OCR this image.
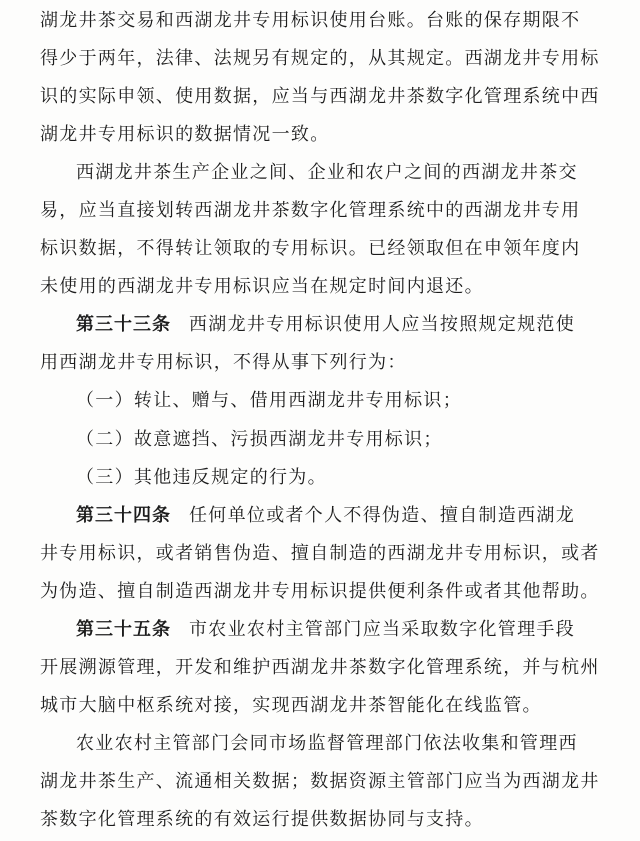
湖龙井茶交易和西湖龙井专用标识使用台账。台账的保存期限不
得少于两年，法律、法规另有规定的，从其规定。西湖龙井专用标
识的实际申领、使用数据，应当与西湖龙井茶数字化管理系统中西
湖龙井专用标识的数据情况一致。
西湖龙井茶生产企业之间、企业和农户之间的西湖龙井茶交
易，应当直接划转西湖龙井茶数字化管理系统中的西湖龙井专用
标识数据，不得转让领取的专用标识。已经领取但在申领年度内
未使用的西湖龙井专用标识应当在规定时间内退还。
第三十三条 西湖龙井专用标识使用人应当按照规定规范使
用西湖龙井专用标识，不得从事下列行为：
（一）转让、赠与、借用西湖龙井专用标识；
（二）故意遮挡、污损西湖龙井专用标识；
（三）其他违反规定的行为。
第三十四条 任何单位或者个人不得伪造、擅自制造西湖龙
井专用标识，或者销售伪造、擅自制造的西湖龙井专用标识，或者
为伪造、擅自制造西湖龙井专用标识提供便利条件或者其他帮助。
第三十五条 市农业农村主管部门应当采取数字化管理手段
开展溯源管理，开发和维护西湖龙井茶数字化管理系统，并与杭州
城市大脑中枢系统对接，实现西湖龙井茶智能化在线监管。
农业农村主管部门会同市场监督管理部门依法收集和管理西
湖龙井茶生产、流通相关数据；数据资源主管部门应当为西湖龙井
茶数字化管理系统的有效运行提供数据协同与支持。
